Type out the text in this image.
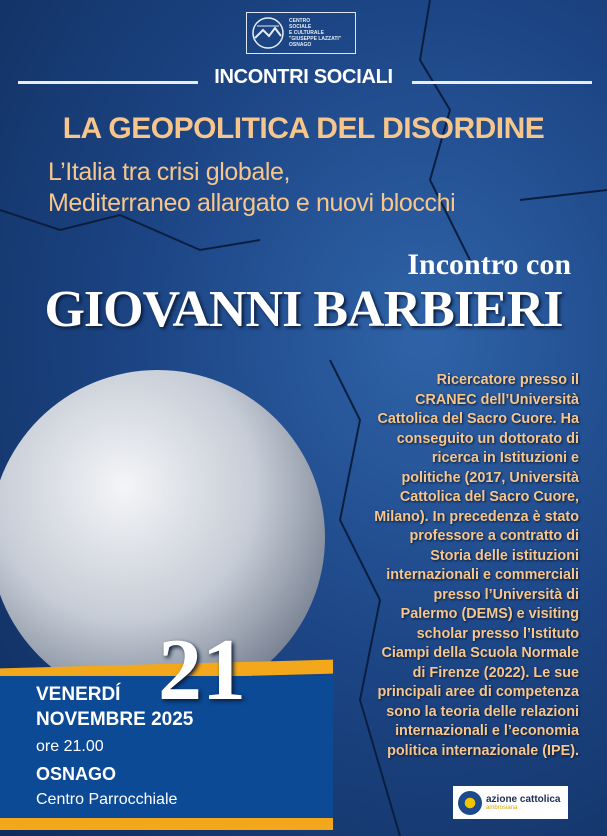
CENTRO
SOCIALE
E CULTURALE
"GIUSEPPE LAZZATI"
OSNAGO
INCONTRI SOCIALI
LA GEOPOLITICA DEL DISORDINE
L’Italia tra crisi globale,
Mediterraneo allargato e nuovi blocchi
Incontro con
GIOVANNI BARBIERI
Ricercatore presso il
CRANEC dell’Università
Cattolica del Sacro Cuore. Ha
conseguito un dottorato di
ricerca in Istituzioni e
politiche (2017, Università
Cattolica del Sacro Cuore,
Milano). In precedenza è stato
professore a contratto di
Storia delle istituzioni
internazionali e commerciali
presso l’Università di
Palermo (DEMS) e visiting
scholar presso l’Istituto
Ciampi della Scuola Normale
di Firenze (2022). Le sue
principali aree di competenza
sono la teoria delle relazioni
internazionali e l’economia
politica internazionale (IPE).
VENERDÍ 21
NOVEMBRE 2025
ore 21.00
OSNAGO
Centro Parrocchiale	azione cattolica
ambrosiana
